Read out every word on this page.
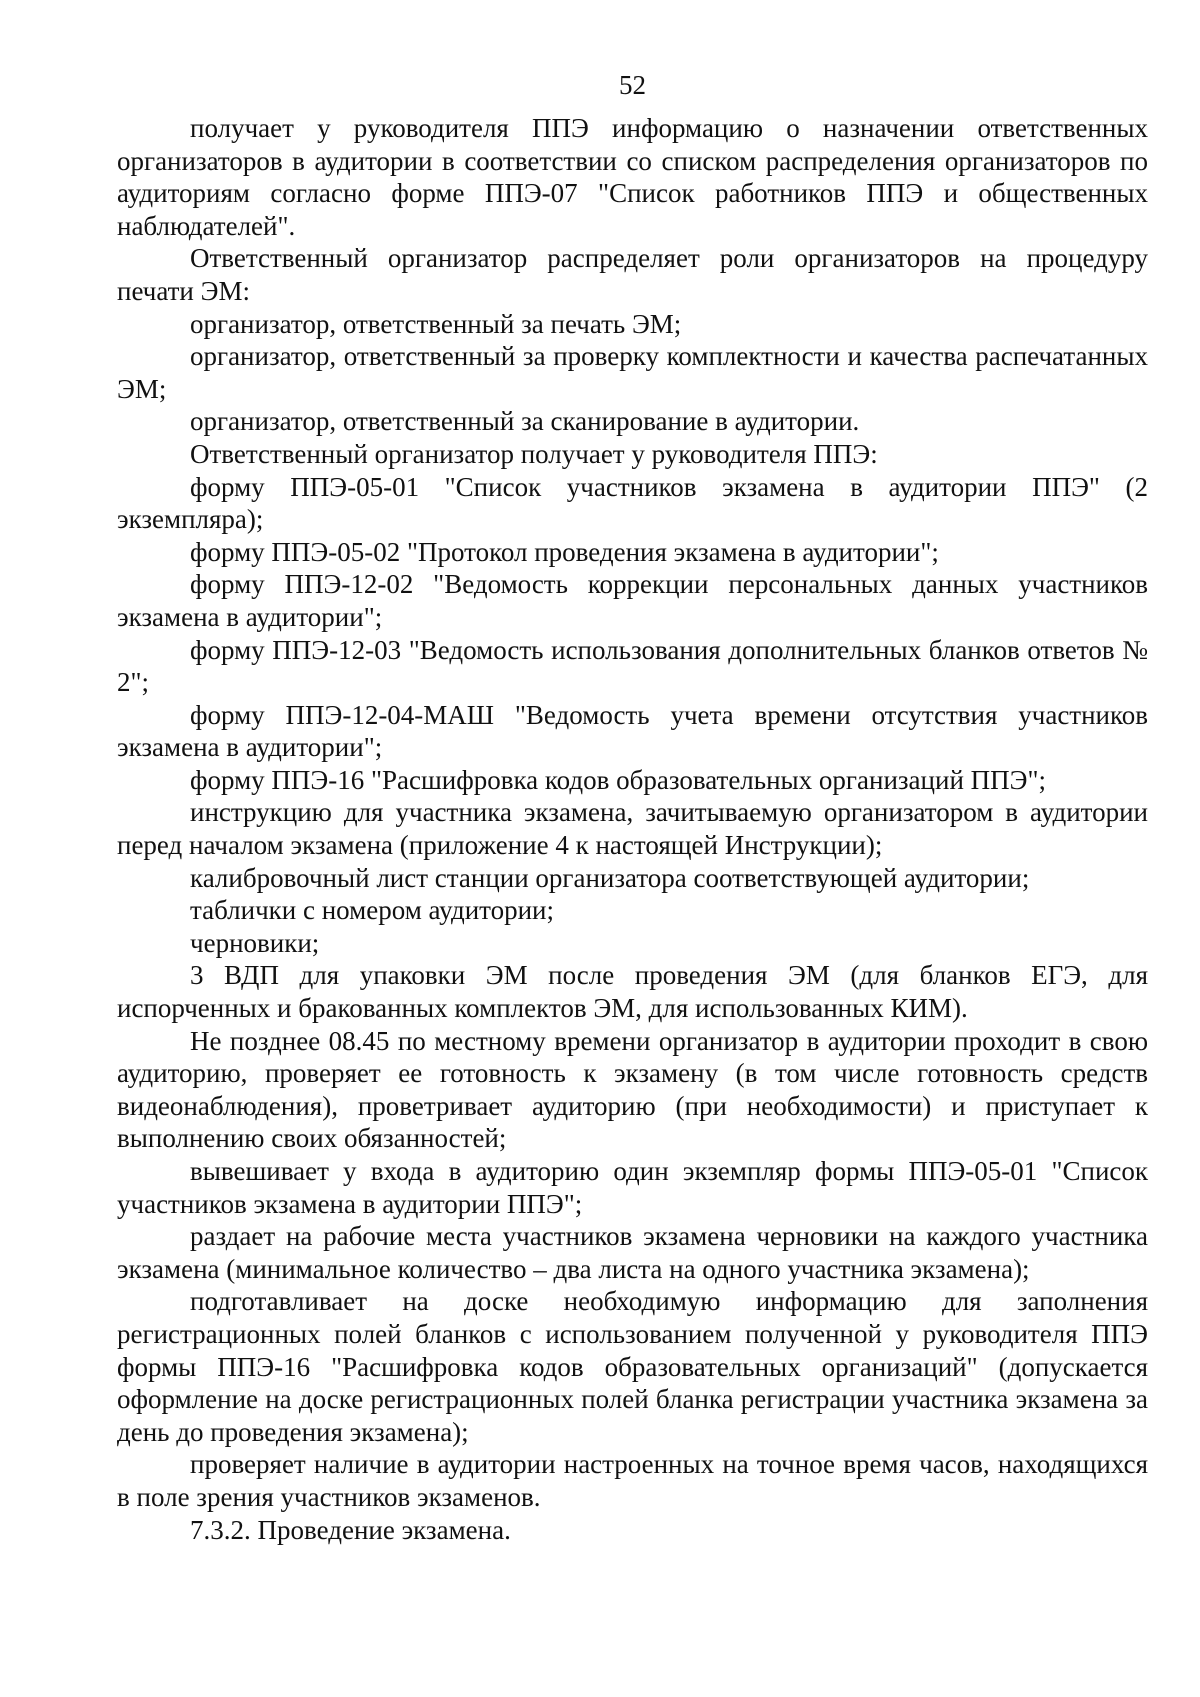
52

получает у руководителя ППЭ информацию о назначении ответственных организаторов в аудитории в соответствии со списком распределения организаторов по аудиториям согласно форме ППЭ-07 "Список работников ППЭ и общественных наблюдателей".

Ответственный организатор распределяет роли организаторов на процедуру печати ЭМ:

организатор, ответственный за печать ЭМ;

организатор, ответственный за проверку комплектности и качества распечатанных ЭМ;

организатор, ответственный за сканирование в аудитории.

Ответственный организатор получает у руководителя ППЭ:

форму ППЭ-05-01 "Список участников экзамена в аудитории ППЭ" (2 экземпляра);

форму ППЭ-05-02 "Протокол проведения экзамена в аудитории";

форму ППЭ-12-02 "Ведомость коррекции персональных данных участников экзамена в аудитории";

форму ППЭ-12-03 "Ведомость использования дополнительных бланков ответов № 2";

форму ППЭ-12-04-МАШ "Ведомость учета времени отсутствия участников экзамена в аудитории";

форму ППЭ-16 "Расшифровка кодов образовательных организаций ППЭ";

инструкцию для участника экзамена, зачитываемую организатором в аудитории перед началом экзамена (приложение 4 к настоящей Инструкции);

калибровочный лист станции организатора соответствующей аудитории;

таблички с номером аудитории;

черновики;

3 ВДП для упаковки ЭМ после проведения ЭМ (для бланков ЕГЭ, для испорченных и бракованных комплектов ЭМ, для использованных КИМ).

Не позднее 08.45 по местному времени организатор в аудитории проходит в свою аудиторию, проверяет ее готовность к экзамену (в том числе готовность средств видеонаблюдения), проветривает аудиторию (при необходимости) и приступает к выполнению своих обязанностей;

вывешивает у входа в аудиторию один экземпляр формы ППЭ-05-01 "Список участников экзамена в аудитории ППЭ";

раздает на рабочие места участников экзамена черновики на каждого участника экзамена (минимальное количество – два листа на одного участника экзамена);

подготавливает на доске необходимую информацию для заполнения регистрационных полей бланков с использованием полученной у руководителя ППЭ формы ППЭ-16 "Расшифровка кодов образовательных организаций" (допускается оформление на доске регистрационных полей бланка регистрации участника экзамена за день до проведения экзамена);

проверяет наличие в аудитории настроенных на точное время часов, находящихся в поле зрения участников экзаменов.

7.3.2. Проведение экзамена.
